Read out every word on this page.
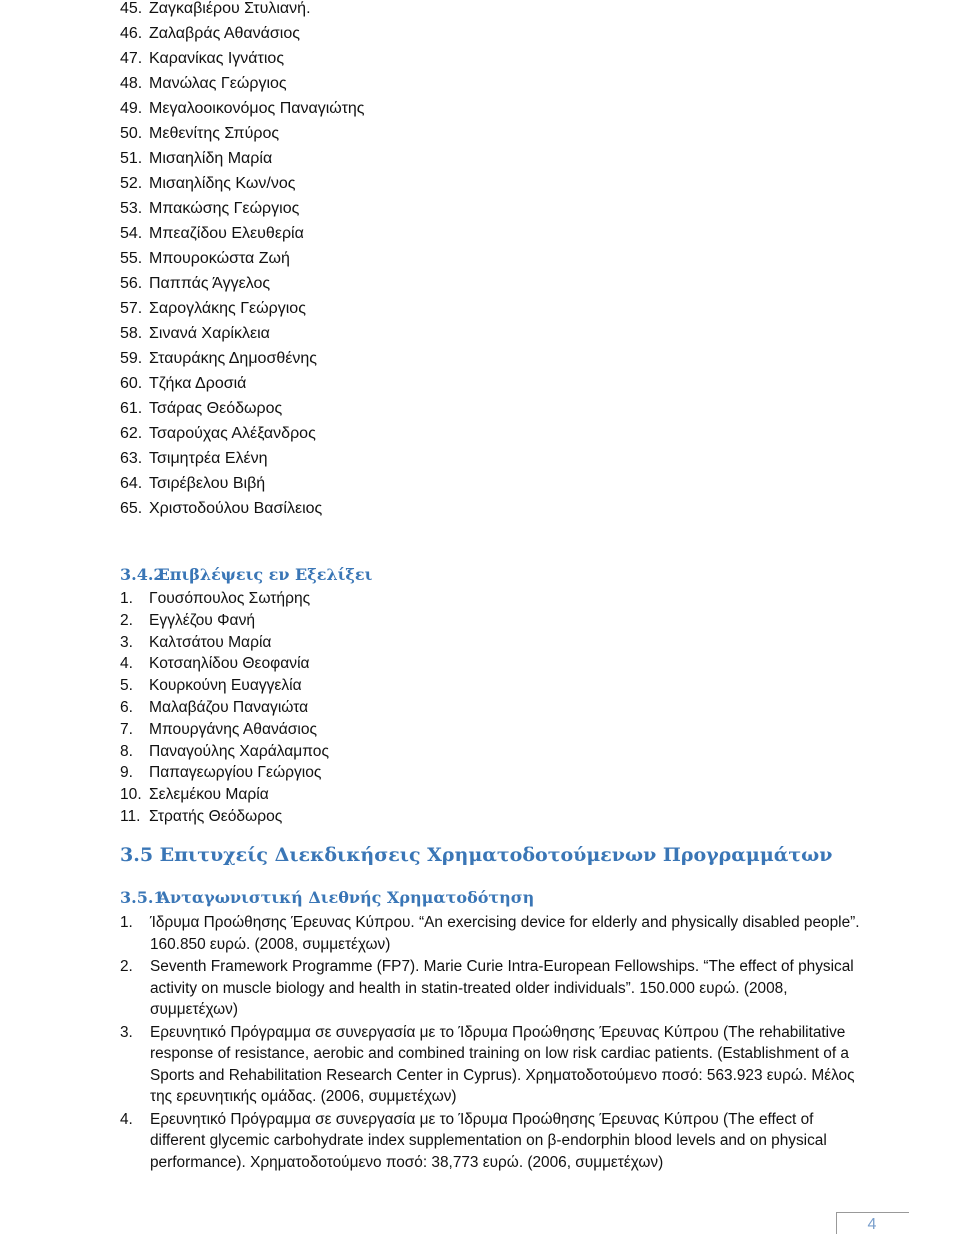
45. Ζαγκαβιέρου Στυλιανή.
46. Ζαλαβράς Αθανάσιος
47. Καρανίκας Ιγνάτιος
48. Μανώλας Γεώργιος
49. Μεγαλοοικονόμος Παναγιώτης
50. Μεθενίτης Σπύρος
51. Μισαηλίδη Μαρία
52. Μισαηλίδης Κων/νος
53. Μπακώσης Γεώργιος
54. Μπεαζίδου Ελευθερία
55. Μπουροκώστα Ζωή
56. Παππάς Άγγελος
57. Σαρογλάκης Γεώργιος
58. Σινανά Χαρίκλεια
59. Σταυράκης Δημοσθένης
60. Τζήκα Δροσιά
61. Τσάρας Θεόδωρος
62. Τσαρούχας Αλέξανδρος
63. Τσιμητρέα Ελένη
64. Τσιρέβελου Βιβή
65. Χριστοδούλου Βασίλειος
3.4.2 Επιβλέψεις εν Εξελίξει
1. Γουσόπουλος Σωτήρης
2. Εγγλέζου Φανή
3. Καλτσάτου Μαρία
4. Κοτσαηλίδου Θεοφανία
5. Κουρκούνη Ευαγγελία
6. Μαλαβάζου Παναγιώτα
7. Μπουργάνης Αθανάσιος
8. Παναγούλης Χαράλαμπος
9. Παπαγεωργίου Γεώργιος
10. Σελεμέκου Μαρία
11. Στρατής Θεόδωρος
3.5 Επιτυχείς Διεκδικήσεις Χρηματοδοτούμενων Προγραμμάτων
3.5.1 Ανταγωνιστική Διεθνής Χρηματοδότηση
1. Ίδρυμα Προώθησης Έρευνας Κύπρου. “An exercising device for elderly and physically disabled people”. 160.850 ευρώ. (2008, συμμετέχων)
2. Seventh Framework Programme (FP7). Marie Curie Intra-European Fellowships. “The effect of physical activity on muscle biology and health in statin-treated older individuals”. 150.000 ευρώ. (2008, συμμετέχων)
3. Ερευνητικό Πρόγραμμα σε συνεργασία με το Ίδρυμα Προώθησης Έρευνας Κύπρου (The rehabilitative response of resistance, aerobic and combined training on low risk cardiac patients. (Establishment of a Sports and Rehabilitation Research Center in Cyprus). Χρηματοδοτούμενο ποσό: 563.923 ευρώ. Μέλος της ερευνητικής ομάδας. (2006, συμμετέχων)
4. Ερευνητικό Πρόγραμμα σε συνεργασία με το Ίδρυμα Προώθησης Έρευνας Κύπρου (The effect of different glycemic carbohydrate index supplementation on β-endorphin blood levels and on physical performance). Χρηματοδοτούμενο ποσό: 38,773 ευρώ. (2006, συμμετέχων)
4
